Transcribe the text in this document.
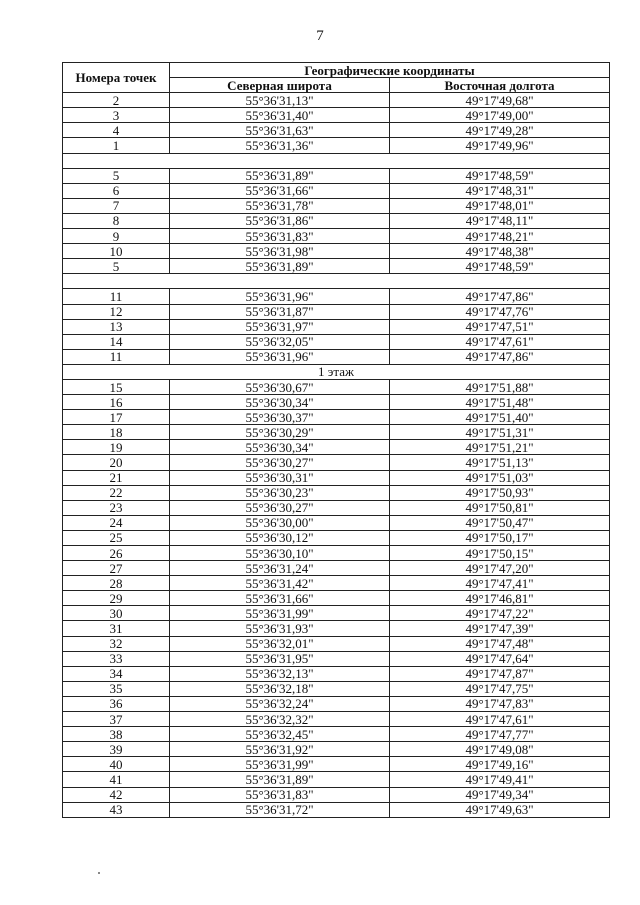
7
Номера точек	Географические координаты	
	Северная широта	Восточная долгота
2	55°36'31,13"	49°17'49,68"
3	55°36'31,40"	49°17'49,00"
4	55°36'31,63"	49°17'49,28"
1	55°36'31,36"	49°17'49,96"

5	55°36'31,89"	49°17'48,59"
6	55°36'31,66"	49°17'48,31"
7	55°36'31,78"	49°17'48,01"
8	55°36'31,86"	49°17'48,11"
9	55°36'31,83"	49°17'48,21"
10	55°36'31,98"	49°17'48,38"
5	55°36'31,89"	49°17'48,59"

11	55°36'31,96"	49°17'47,86"
12	55°36'31,87"	49°17'47,76"
13	55°36'31,97"	49°17'47,51"
14	55°36'32,05"	49°17'47,61"
11	55°36'31,96"	49°17'47,86"
1 этаж		
15	55°36'30,67"	49°17'51,88"
16	55°36'30,34"	49°17'51,48"
17	55°36'30,37"	49°17'51,40"
18	55°36'30,29"	49°17'51,31"
19	55°36'30,34"	49°17'51,21"
20	55°36'30,27"	49°17'51,13"
21	55°36'30,31"	49°17'51,03"
22	55°36'30,23"	49°17'50,93"
23	55°36'30,27"	49°17'50,81"
24	55°36'30,00"	49°17'50,47"
25	55°36'30,12"	49°17'50,17"
26	55°36'30,10"	49°17'50,15"
27	55°36'31,24"	49°17'47,20"
28	55°36'31,42"	49°17'47,41"
29	55°36'31,66"	49°17'46,81"
30	55°36'31,99"	49°17'47,22"
31	55°36'31,93"	49°17'47,39"
32	55°36'32,01"	49°17'47,48"
33	55°36'31,95"	49°17'47,64"
34	55°36'32,13"	49°17'47,87"
35	55°36'32,18"	49°17'47,75"
36	55°36'32,24"	49°17'47,83"
37	55°36'32,32"	49°17'47,61"
38	55°36'32,45"	49°17'47,77"
39	55°36'31,92"	49°17'49,08"
40	55°36'31,99"	49°17'49,16"
41	55°36'31,89"	49°17'49,41"
42	55°36'31,83"	49°17'49,34"
43	55°36'31,72"	49°17'49,63"
